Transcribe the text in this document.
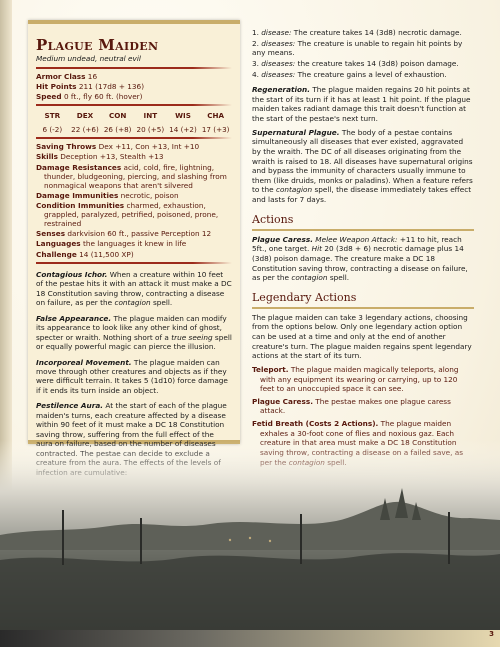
Plague Maiden
Medium undead, neutral evil
Armor Class 16
Hit Points 211 (17d8 + 136)
Speed 0 ft., fly 60 ft. (hover)
STR	DEX	CON	INT	WIS	CHA
6 (-2)	22 (+6) 26 (+8) 20 (+5) 14 (+2) 17 (+3)
Saving Throws Dex +11, Con +13, Int +10
Skills Deception +13, Stealth +13
Damage Resistances acid, cold, fire, lightning, thunder, bludgeoning, piercing, and slashing from nonmagical weapons that aren't silvered
Damage Immunities necrotic, poison
Condition Immunities charmed, exhaustion, grappled, paralyzed, petrified, poisoned, prone, restrained
Senses darkvision 60 ft., passive Perception 12
Languages the languages it knew in life
Challenge 14 (11,500 XP)
Contagious Ichor. When a creature within 10 feet of the pestae hits it with an attack it must make a DC 18 Constitution saving throw, contracting a disease on failure, as per the contagion spell.
False Appearance. The plague maiden can modify its appearance to look like any other kind of ghost, specter or wraith. Nothing short of a true seeing spell or equally powerful magic can pierce the illusion.
Incorporeal Movement. The plague maiden can move through other creatures and objects as if they were difficult terrain. It takes 5 (1d10) force damage if it ends its turn inside an object.
Pestilence Aura. At the start of each of the plague maiden's turns, each creature affected by a disease within 90 feet of it must make a DC 18 Constitution saving throw, suffering from the full effect of the
1. disease: The creature takes 14 (3d8) necrotic damage.
2. diseases: The creature is unable to regain hit points by any means.
3. diseases: the creature takes 14 (3d8) poison damage.
4. diseases: The creature gains a level of exhaustion.

Regeneration. The plague maiden regains 20 hit points at the start of its turn if it has at least 1 hit point. If the plague maiden takes radiant damage this trait doesn't function at the start of the pestae's next turn.

Supernatural Plague. The body of a pestae contains simultaneously all diseases that ever existed, aggravated by the wraith. The DC of all diseases originating from the wraith is raised to 18. All diseases have supernatural origins and bypass the immunity of characters usually immune to them (like druids, monks or paladins). When a feature refers to the contagion spell, the disease immediately takes effect and lasts for 7 days.

Actions

Plague Caress. Melee Weapon Attack: +11 to hit, reach 5ft., one target. Hit 20 (3d8 + 6) necrotic damage plus 14 (3d8) poison damage. The creature make a DC 18 Constitution saving throw, contracting a disease on failure, as per the contagion spell.

Legendary Actions

The plague maiden can take 3 legendary actions, choosing from the options below. Only one legendary action option can be used at a time and only at the end of another creature's turn. The plague maiden regains spent legendary actions at the start of its turn.

Teleport. The plague maiden magically teleports, along with any equipment its wearing or carrying, up to 120 feet to an unoccupied space it can see.
Plague Caress. The pestae makes one plague caress attack.
Fetid Breath (Costs 2 Actions). The plague maiden exhales a 30-foot cone of flies and noxious gaz. Each
3
